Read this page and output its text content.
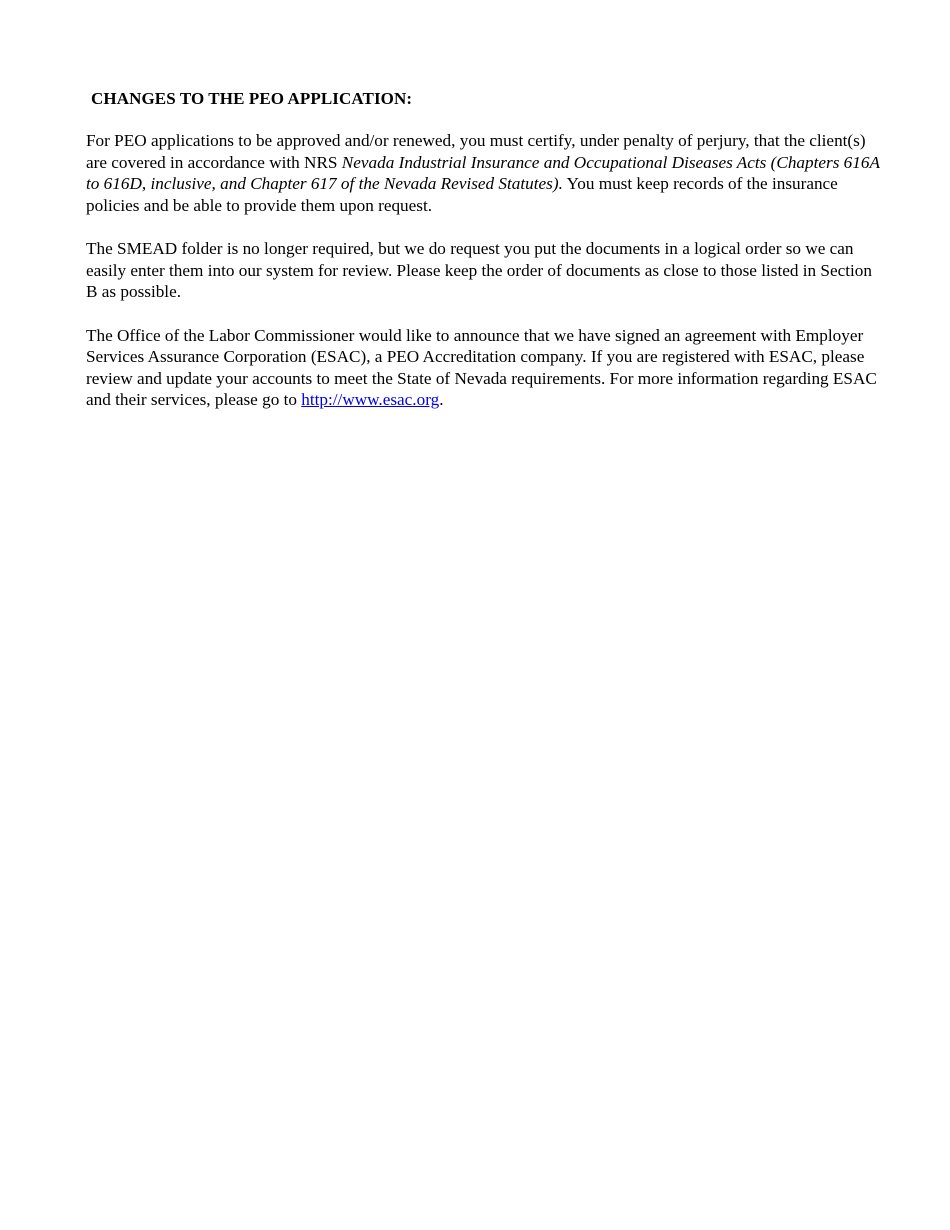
CHANGES TO THE PEO APPLICATION:

For PEO applications to be approved and/or renewed, you must certify, under penalty of perjury, that the client(s) are covered in accordance with NRS Nevada Industrial Insurance and Occupational Diseases Acts (Chapters 616A to 616D, inclusive, and Chapter 617 of the Nevada Revised Statutes). You must keep records of the insurance policies and be able to provide them upon request.

The SMEAD folder is no longer required, but we do request you put the documents in a logical order so we can easily enter them into our system for review. Please keep the order of documents as close to those listed in Section B as possible.

The Office of the Labor Commissioner would like to announce that we have signed an agreement with Employer Services Assurance Corporation (ESAC), a PEO Accreditation company. If you are registered with ESAC, please review and update your accounts to meet the State of Nevada requirements. For more information regarding ESAC and their services, please go to http://www.esac.org.
